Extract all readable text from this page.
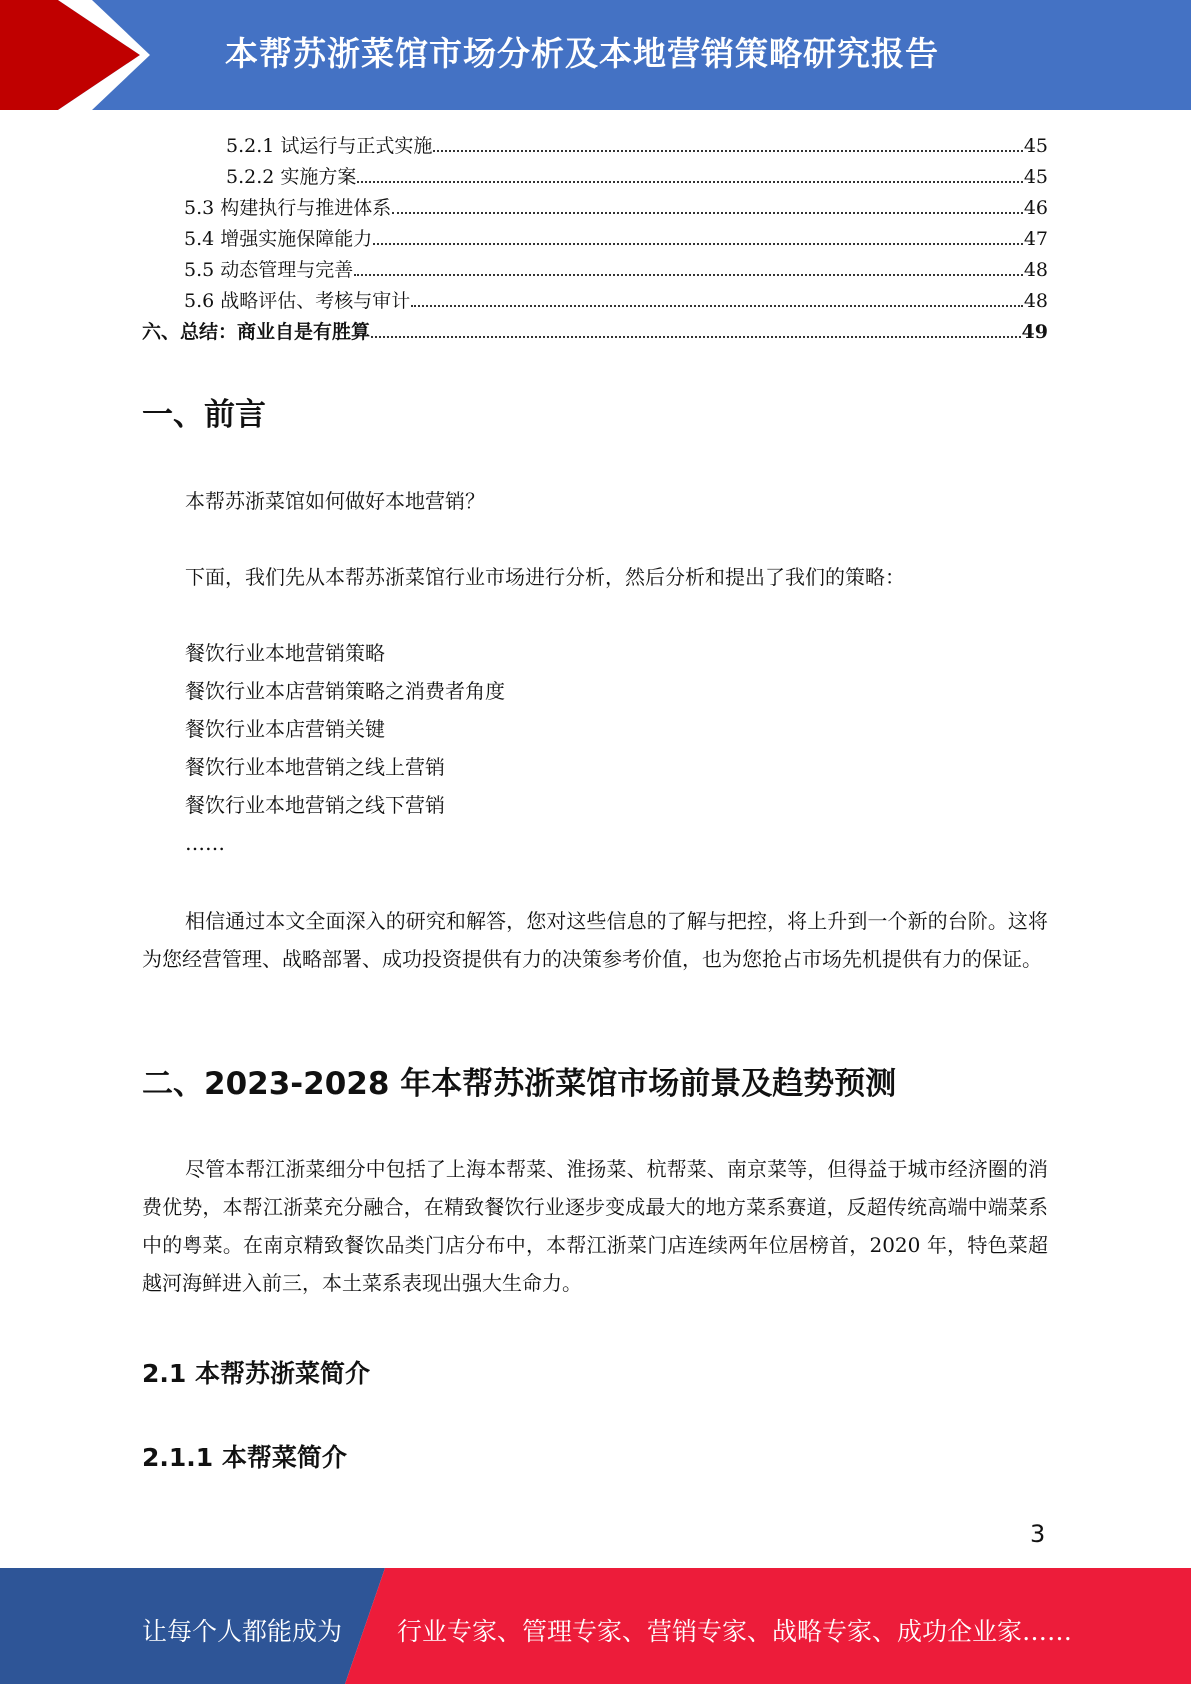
本帮苏浙菜馆市场分析及本地营销策略研究报告
5.2.1 试运行与正式实施	45
5.2.2 实施方案	45
5.3 构建执行与推进体系	46
5.4 增强实施保障能力	47
5.5 动态管理与完善	48
5.6 战略评估、考核与审计	48
六、总结：商业自是有胜算	49
一、前言
本帮苏浙菜馆如何做好本地营销？
下面，我们先从本帮苏浙菜馆行业市场进行分析，然后分析和提出了我们的策略：
餐饮行业本地营销策略
餐饮行业本店营销策略之消费者角度
餐饮行业本店营销关键
餐饮行业本地营销之线上营销
餐饮行业本地营销之线下营销
……
相信通过本文全面深入的研究和解答，您对这些信息的了解与把控，将上升到一个新的台阶。这将为您经营管理、战略部署、成功投资提供有力的决策参考价值，也为您抢占市场先机提供有力的保证。
二、2023-2028 年本帮苏浙菜馆市场前景及趋势预测
尽管本帮江浙菜细分中包括了上海本帮菜、淮扬菜、杭帮菜、南京菜等，但得益于城市经济圈的消费优势，本帮江浙菜充分融合，在精致餐饮行业逐步变成最大的地方菜系赛道，反超传统高端中端菜系中的粤菜。在南京精致餐饮品类门店分布中，本帮江浙菜门店连续两年位居榜首，2020 年，特色菜超越河海鲜进入前三，本土菜系表现出强大生命力。
2.1 本帮苏浙菜简介
2.1.1 本帮菜简介
3
让每个人都能成为 行业专家、管理专家、营销专家、战略专家、成功企业家……
